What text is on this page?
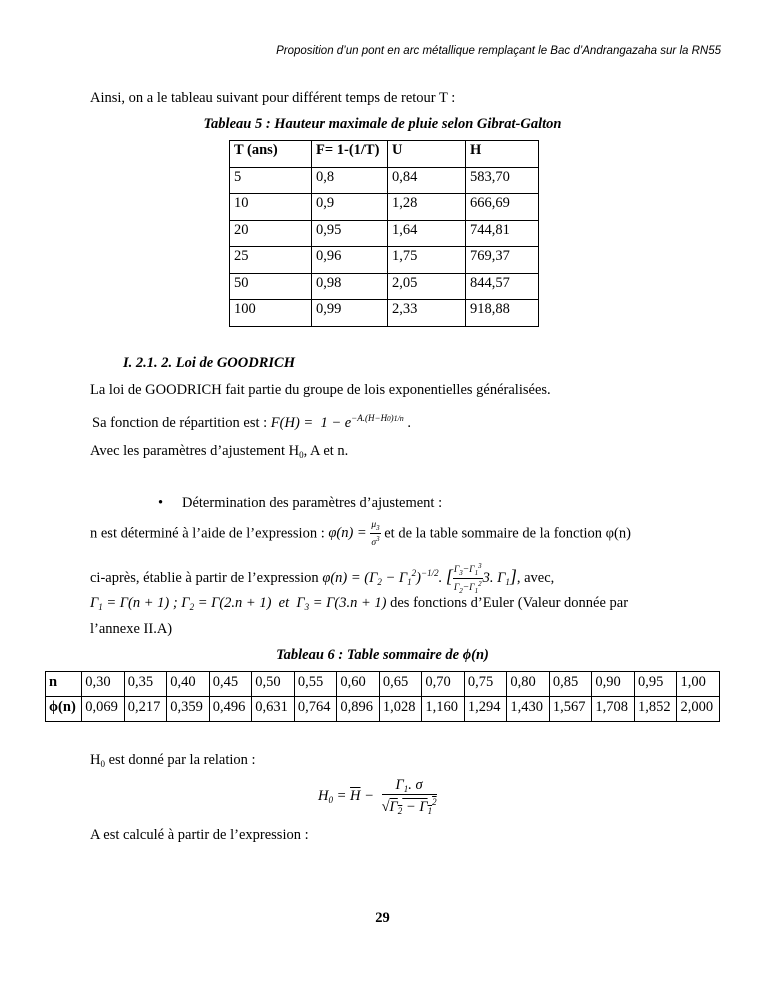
Proposition d’un pont en arc métallique remplaçant le Bac d’Andrangazaha sur la RN55
Ainsi, on a le tableau suivant pour différent temps de retour T :
Tableau 5 : Hauteur maximale de pluie selon Gibrat-Galton
T (ans)	F= 1-(1/T)	U	H
5	0,8	0,84	583,70
10	0,9	1,28	666,69
20	0,95	1,64	744,81
25	0,96	1,75	769,37
50	0,98	2,05	844,57
100	0,99	2,33	918,88
I. 2.1. 2. Loi de GOODRICH
La loi de GOODRICH fait partie du groupe de lois exponentielles généralisées.
Sa fonction de répartition est : $F(H) = 1 - e^{-A.(H-H0)1/n}$ .
Avec les paramètres d’ajustement $H_0$, A et n.
• Détermination des paramètres d’ajustement :
n est déterminé à l’aide de l’expression : $\varphi(n) = \frac{\mu_3}{\sigma^3}$ et de la table sommaire de la fonction φ(n)
ci-après, établie à partir de l’expression $\varphi(n) = (\Gamma_2 - \Gamma_1^2)^{-1/2}$. [ $\frac{\Gamma_3-\Gamma_1^3}{\Gamma_2-\Gamma_1^2} 3$. $\Gamma_1$], avec,
$\Gamma_1 = \Gamma(n + 1)$ ; $\Gamma_2 = \Gamma(2.n + 1)$  et  $\Gamma_3 = \Gamma(3.n + 1)$ des fonctions d’Euler (Valeur donnée par
l’annexe II.A)
Tableau 6 : Table sommaire de ϕ(n)
n	0,30	0,35	0,40	0,45	0,50	0,55	0,60	0,65	0,70	0,75	0,80	0,85	0,90	0,95	1,00
ϕ(n)	0,069	0,217	0,359	0,496	0,631	0,764	0,896	1,028	1,160	1,294	1,430	1,567	1,708	1,852	2,000
$H_0$ est donné par la relation :
$H_0 = \overline{H} - \frac{\Gamma_1. \sigma}{√\Gamma_2 - \Gamma_1^2}$
A est calculé à partir de l’expression :
29
